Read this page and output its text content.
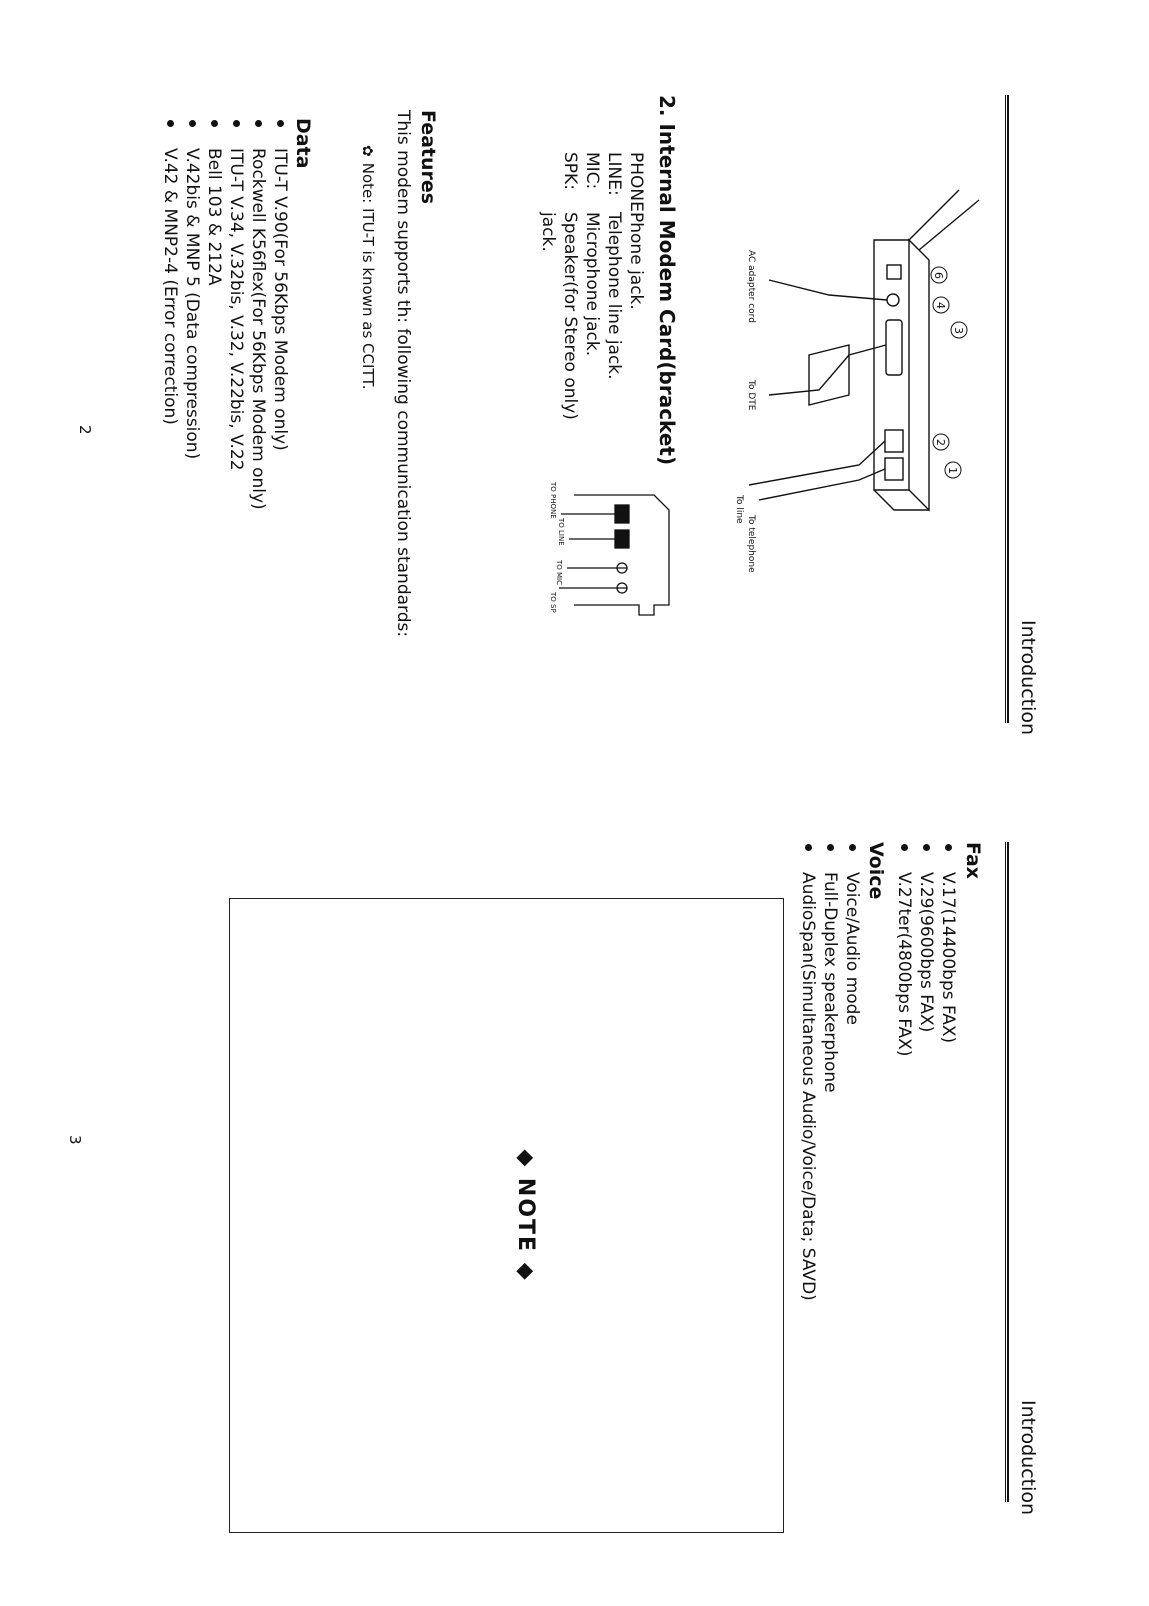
Introduction
2. Internal Modem Card(bracket)	6
4
3
2
1
AC adapter cord
To DTE
To line
To telephone
TO PHONE
TO LINE
TO MIC
TO SP
PHONE:
Phone jack.
LINE:
Telephone line jack.
MIC:
Microphone jack.
SPK:
Speaker(for Stereo only)
jack.
Features
This modem supports th: following communication standards:
✿Note: ITU-T is known as CCITT.
Data
ITU-T V.90(For 56Kbps Modem only)
Rockwell K56flex(For 56Kbps Modem only)
ITU-T V.34, V.32bis, V.32, V.22bis, V.22
Bell 103 & 212A
V.42bis & MNP 5 (Data compression)
V.42 & MNP2-4 (Error correction)
2
Introduction
Fax
V.17(14400bps FAX)
V.29(9600bps FAX)
V.27ter(4800bps FAX)
Voice
Voice/Audio mode
Full-Duplex speakerphone
AudioSpan(Simultaneous Audio/Voice/Data; SAVD)
◆ NOTE ◆
3
